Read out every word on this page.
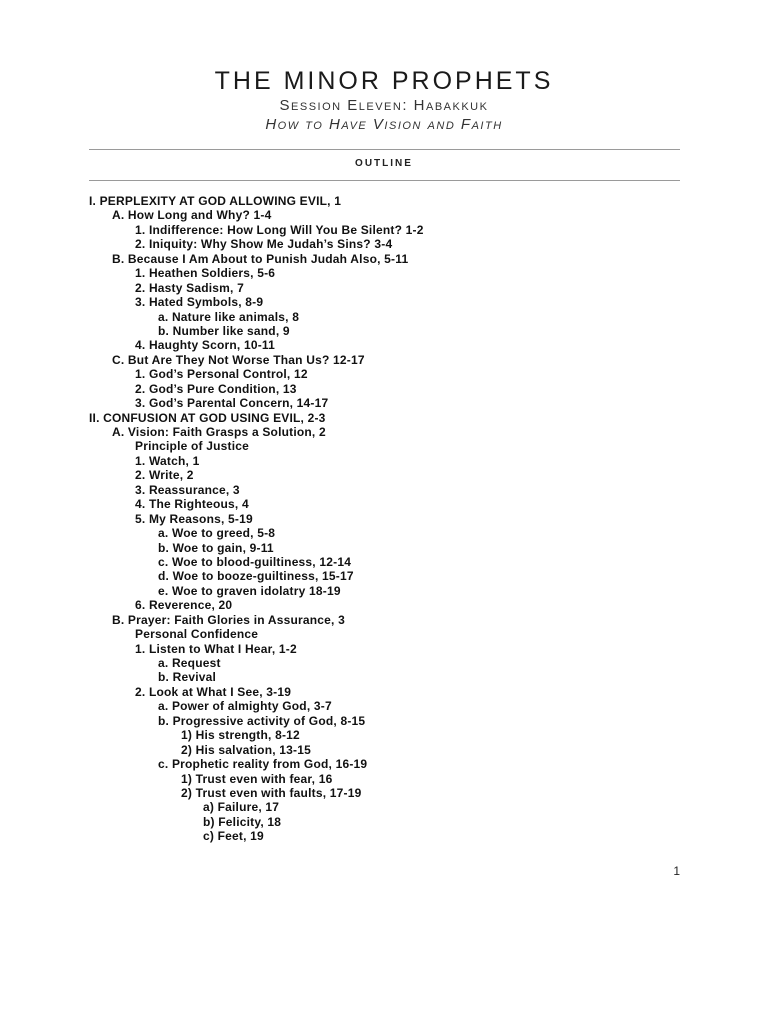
THE MINOR PROPHETS
Session Eleven: Habakkuk
How to Have Vision and Faith
OUTLINE
I. PERPLEXITY AT GOD ALLOWING EVIL, 1
A. How Long and Why? 1-4
1. Indifference: How Long Will You Be Silent? 1-2
2. Iniquity: Why Show Me Judah’s Sins? 3-4
B. Because I Am About to Punish Judah Also, 5-11
1. Heathen Soldiers, 5-6
2. Hasty Sadism, 7
3. Hated Symbols, 8-9
a. Nature like animals, 8
b. Number like sand, 9
4. Haughty Scorn, 10-11
C. But Are They Not Worse Than Us? 12-17
1. God’s Personal Control, 12
2. God’s Pure Condition, 13
3. God’s Parental Concern, 14-17
II. CONFUSION AT GOD USING EVIL, 2-3
A. Vision: Faith Grasps a Solution, 2
Principle of Justice
1. Watch, 1
2. Write, 2
3. Reassurance, 3
4. The Righteous, 4
5. My Reasons, 5-19
a. Woe to greed, 5-8
b. Woe to gain, 9-11
c. Woe to blood-guiltiness, 12-14
d. Woe to booze-guiltiness, 15-17
e. Woe to graven idolatry 18-19
6. Reverence, 20
B. Prayer: Faith Glories in Assurance, 3
Personal Confidence
1. Listen to What I Hear, 1-2
a. Request
b. Revival
2. Look at What I See, 3-19
a. Power of almighty God, 3-7
b. Progressive activity of God, 8-15
1) His strength, 8-12
2) His salvation, 13-15
c. Prophetic reality from God, 16-19
1) Trust even with fear, 16
2) Trust even with faults, 17-19
a) Failure, 17
b) Felicity, 18
c) Feet, 19
1
